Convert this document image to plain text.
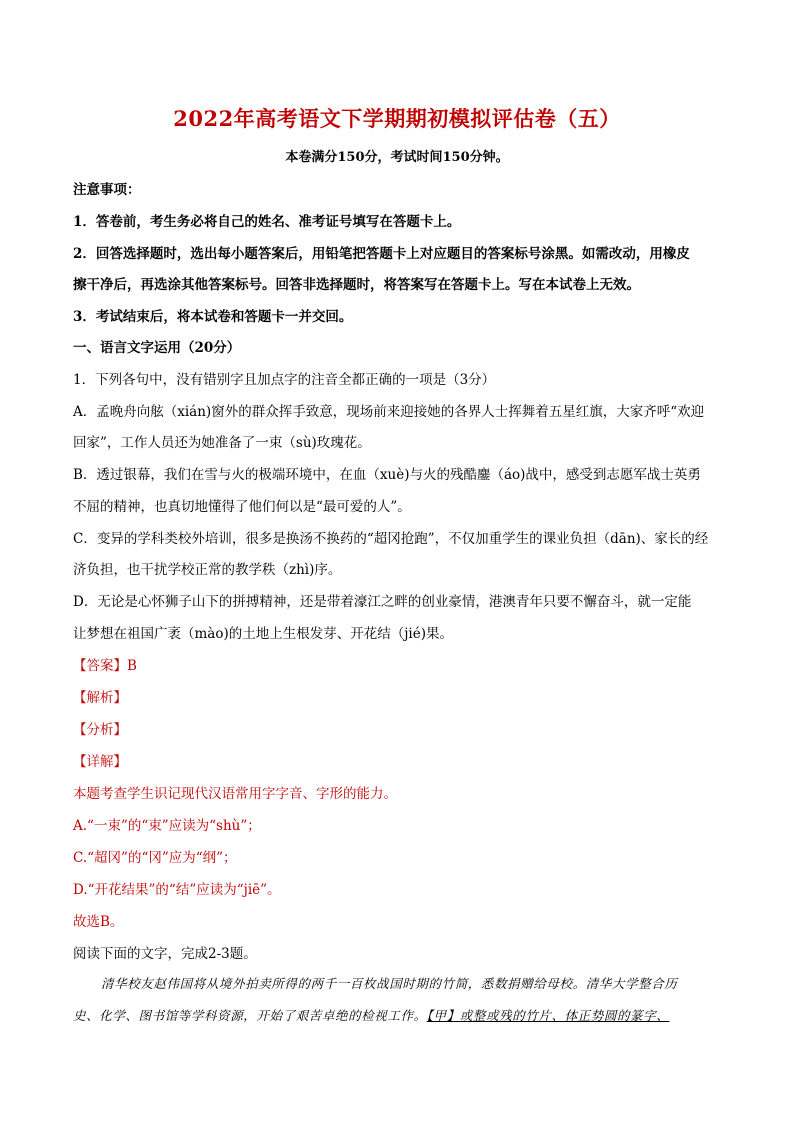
2022年高考语文下学期期初模拟评估卷（五）
本卷满分150分，考试时间150分钟。
注意事项：
1．答卷前，考生务必将自己的姓名、准考证号填写在答题卡上。
2．回答选择题时，选出每小题答案后，用铅笔把答题卡上对应题目的答案标号涂黑。如需改动，用橡皮
擦干净后，再选涂其他答案标号。回答非选择题时，将答案写在答题卡上。写在本试卷上无效。
3．考试结束后，将本试卷和答题卡一并交回。
一、语言文字运用（20分）
1．下列各句中，没有错别字且加点字的注音全都正确的一项是（3分）
A．孟晚舟向舷（xián)窗外的群众挥手致意，现场前来迎接她的各界人士挥舞着五星红旗，大家齐呼“欢迎
回家”，工作人员还为她准备了一束（sù)玫瑰花。
B．透过银幕，我们在雪与火的极端环境中，在血（xuè)与火的残酷鏖（áo)战中，感受到志愿军战士英勇
不屈的精神，也真切地懂得了他们何以是“最可爱的人”。
C．变异的学科类校外培训，很多是换汤不换药的“超冈抢跑”，不仅加重学生的课业负担（dān)、家长的经
济负担，也干扰学校正常的教学秩（zhì)序。
D．无论是心怀狮子山下的拼搏精神，还是带着濠江之畔的创业豪情，港澳青年只要不懈奋斗，就一定能
让梦想在祖国广袤（mào)的土地上生根发芽、开花结（jié)果。
【答案】B
【解析】
【分析】
【详解】
本题考查学生识记现代汉语常用字字音、字形的能力。
A.“一束”的“束”应读为“shù”；
C.“超冈”的“冈”应为“纲”；
D.“开花结果”的“结”应读为“jiē”。
故选B。
阅读下面的文字，完成2-3题。
清华校友赵伟国将从境外拍卖所得的两千一百枚战国时期的竹简，悉数捐赠给母校。清华大学整合历
史、化学、图书馆等学科资源，开始了艰苦卓绝的检视工作。【甲】或整或残的竹片、体正势圆的篆字、
